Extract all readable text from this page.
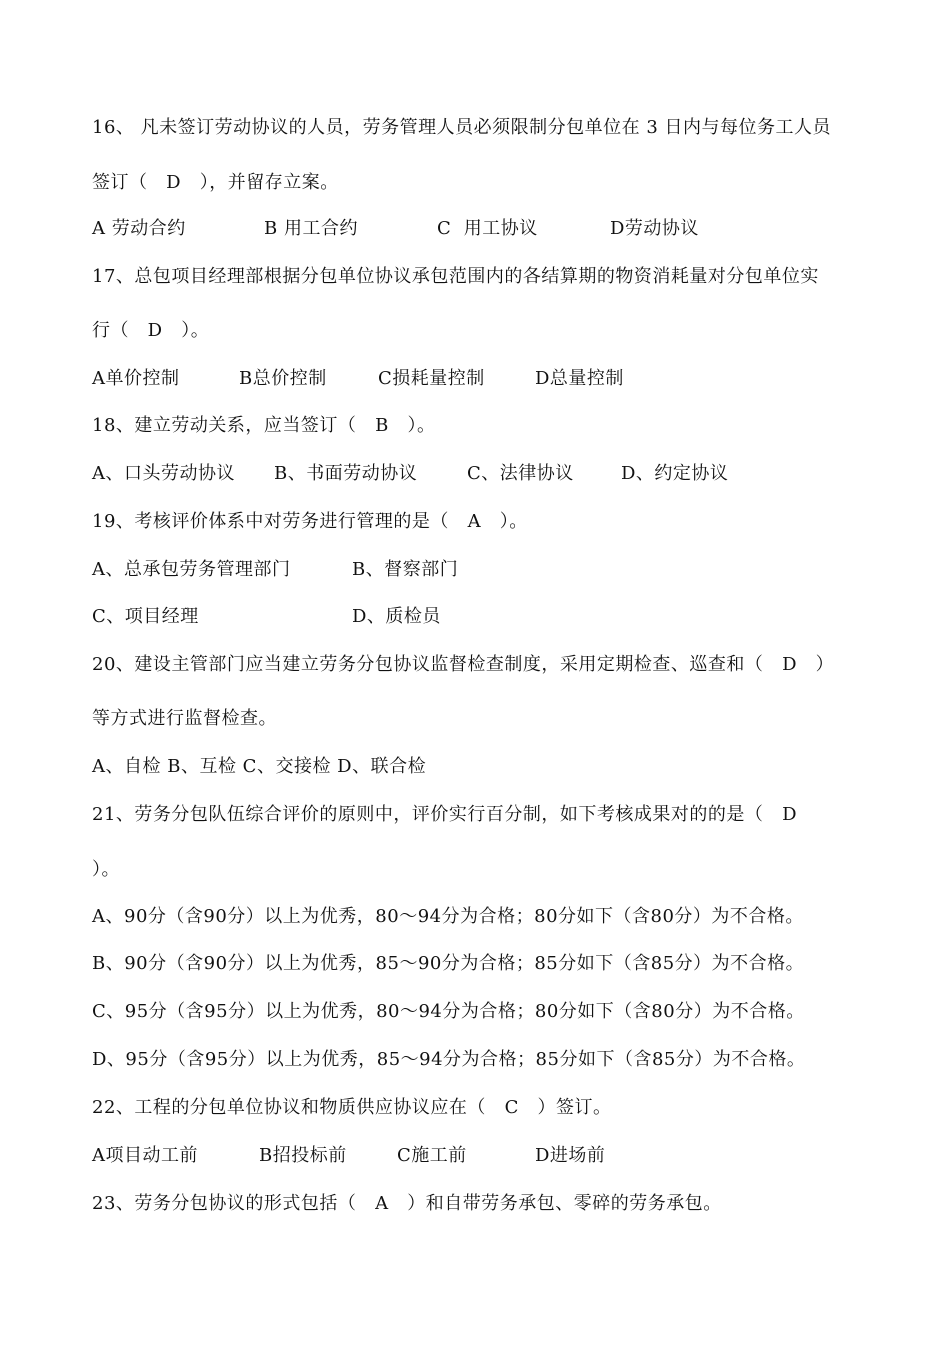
16、 凡未签订劳动协议的人员，劳务管理人员必须限制分包单位在 3 日内与每位务工人员
签订（   D   ），并留存立案。
A 劳动合约	B 用工合约	C  用工协议	D劳动协议
17、总包项目经理部根据分包单位协议承包范围内的各结算期的物资消耗量对分包单位实
行（   D   ）。
A单价控制	B总价控制	C损耗量控制	D总量控制
18、建立劳动关系，应当签订（   B   ）。
A、口头劳动协议 B、书面劳动协议	C、法律协议	D、约定协议
19、考核评价体系中对劳务进行管理的是（   A   ）。
A、总承包劳务管理部门	B、督察部门
C、项目经理	D、质检员
20、建设主管部门应当建立劳务分包协议监督检查制度，采用定期检查、巡查和（   D   ）
等方式进行监督检查。
A、自检 B、互检 C、交接检 D、联合检
21、劳务分包队伍综合评价的原则中，评价实行百分制，如下考核成果对的的是（   D
）。
A、90分（含90分）以上为优秀，80～94分为合格；80分如下（含80分）为不合格。
B、90分（含90分）以上为优秀，85～90分为合格；85分如下（含85分）为不合格。
C、95分（含95分）以上为优秀，80～94分为合格；80分如下（含80分）为不合格。
D、95分（含95分）以上为优秀，85～94分为合格；85分如下（含85分）为不合格。
22、工程的分包单位协议和物质供应协议应在（   C   ）签订。
A项目动工前	B招投标前	C施工前	D进场前
23、劳务分包协议的形式包括（   A   ）和自带劳务承包、零碎的劳务承包。
